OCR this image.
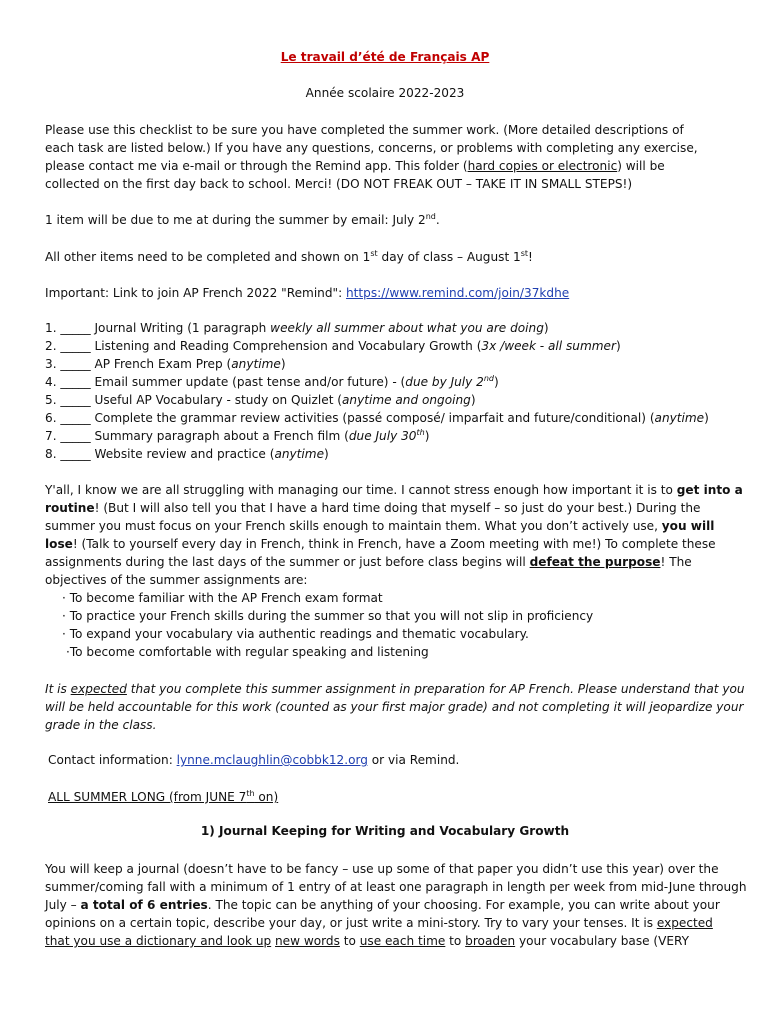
Le travail d’été de Français AP
Année scolaire 2022-2023
Please use this checklist to be sure you have completed the summer work. (More detailed descriptions of
each task are listed below.) If you have any questions, concerns, or problems with completing any exercise,
please contact me via e-mail or through the Remind app. This folder (hard copies or electronic) will be
collected on the first day back to school. Merci! (DO NOT FREAK OUT – TAKE IT IN SMALL STEPS!)
1 item will be due to me at during the summer by email: July 2nd.
All other items need to be completed and shown on 1st day of class – August 1st!
Important: Link to join AP French 2022 "Remind": https://www.remind.com/join/37kdhe
1. _____ Journal Writing (1 paragraph weekly all summer about what you are doing)
2. _____ Listening and Reading Comprehension and Vocabulary Growth (3x /week - all summer)
3. _____ AP French Exam Prep (anytime)
4. _____ Email summer update (past tense and/or future) - (due by July 2nd)
5. _____ Useful AP Vocabulary - study on Quizlet (anytime and ongoing)
6. _____ Complete the grammar review activities (passé composé/ imparfait and future/conditional) (anytime)
7. _____ Summary paragraph about a French film (due July 30th)
8. _____ Website review and practice (anytime)
Y'all, I know we are all struggling with managing our time. I cannot stress enough how important it is to get into a
routine! (But I will also tell you that I have a hard time doing that myself – so just do your best.) During the
summer you must focus on your French skills enough to maintain them. What you don’t actively use, you will
lose! (Talk to yourself every day in French, think in French, have a Zoom meeting with me!) To complete these
assignments during the last days of the summer or just before class begins will defeat the purpose! The
objectives of the summer assignments are:
· To become familiar with the AP French exam format
· To practice your French skills during the summer so that you will not slip in proficiency
· To expand your vocabulary via authentic readings and thematic vocabulary.
·To become comfortable with regular speaking and listening
It is expected that you complete this summer assignment in preparation for AP French. Please understand that you
will be held accountable for this work (counted as your first major grade) and not completing it will jeopardize your
grade in the class.
Contact information: lynne.mclaughlin@cobbk12.org or via Remind.
ALL SUMMER LONG (from JUNE 7th on)
1) Journal Keeping for Writing and Vocabulary Growth
You will keep a journal (doesn’t have to be fancy – use up some of that paper you didn’t use this year) over the
summer/coming fall with a minimum of 1 entry of at least one paragraph in length per week from mid-June through
July – a total of 6 entries. The topic can be anything of your choosing. For example, you can write about your
opinions on a certain topic, describe your day, or just write a mini-story. Try to vary your tenses. It is expected
that you use a dictionary and look up new words to use each time to broaden your vocabulary base (VERY
